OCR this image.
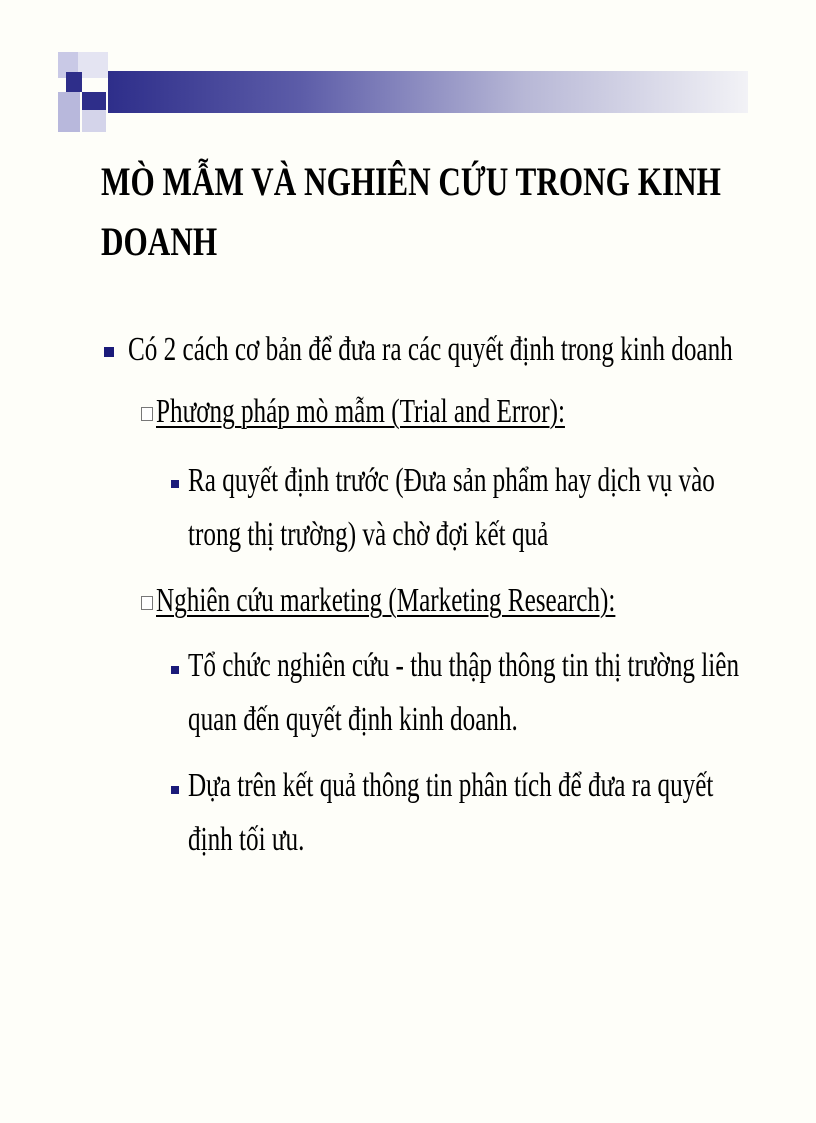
MÒ MẪM VÀ NGHIÊN CỨU TRONG KINH
DOANH
Có 2 cách cơ bản để đưa ra các quyết định trong kinh doanh
Phương pháp mò mẫm (Trial and Error):
Ra quyết định trước (Đưa sản phẩm hay dịch vụ vào
trong thị trường) và chờ đợi kết quả
Nghiên cứu marketing (Marketing Research):
Tổ chức nghiên cứu - thu thập thông tin thị trường liên
quan đến quyết định kinh doanh.
Dựa trên kết quả thông tin phân tích để đưa ra quyết
định tối ưu.
